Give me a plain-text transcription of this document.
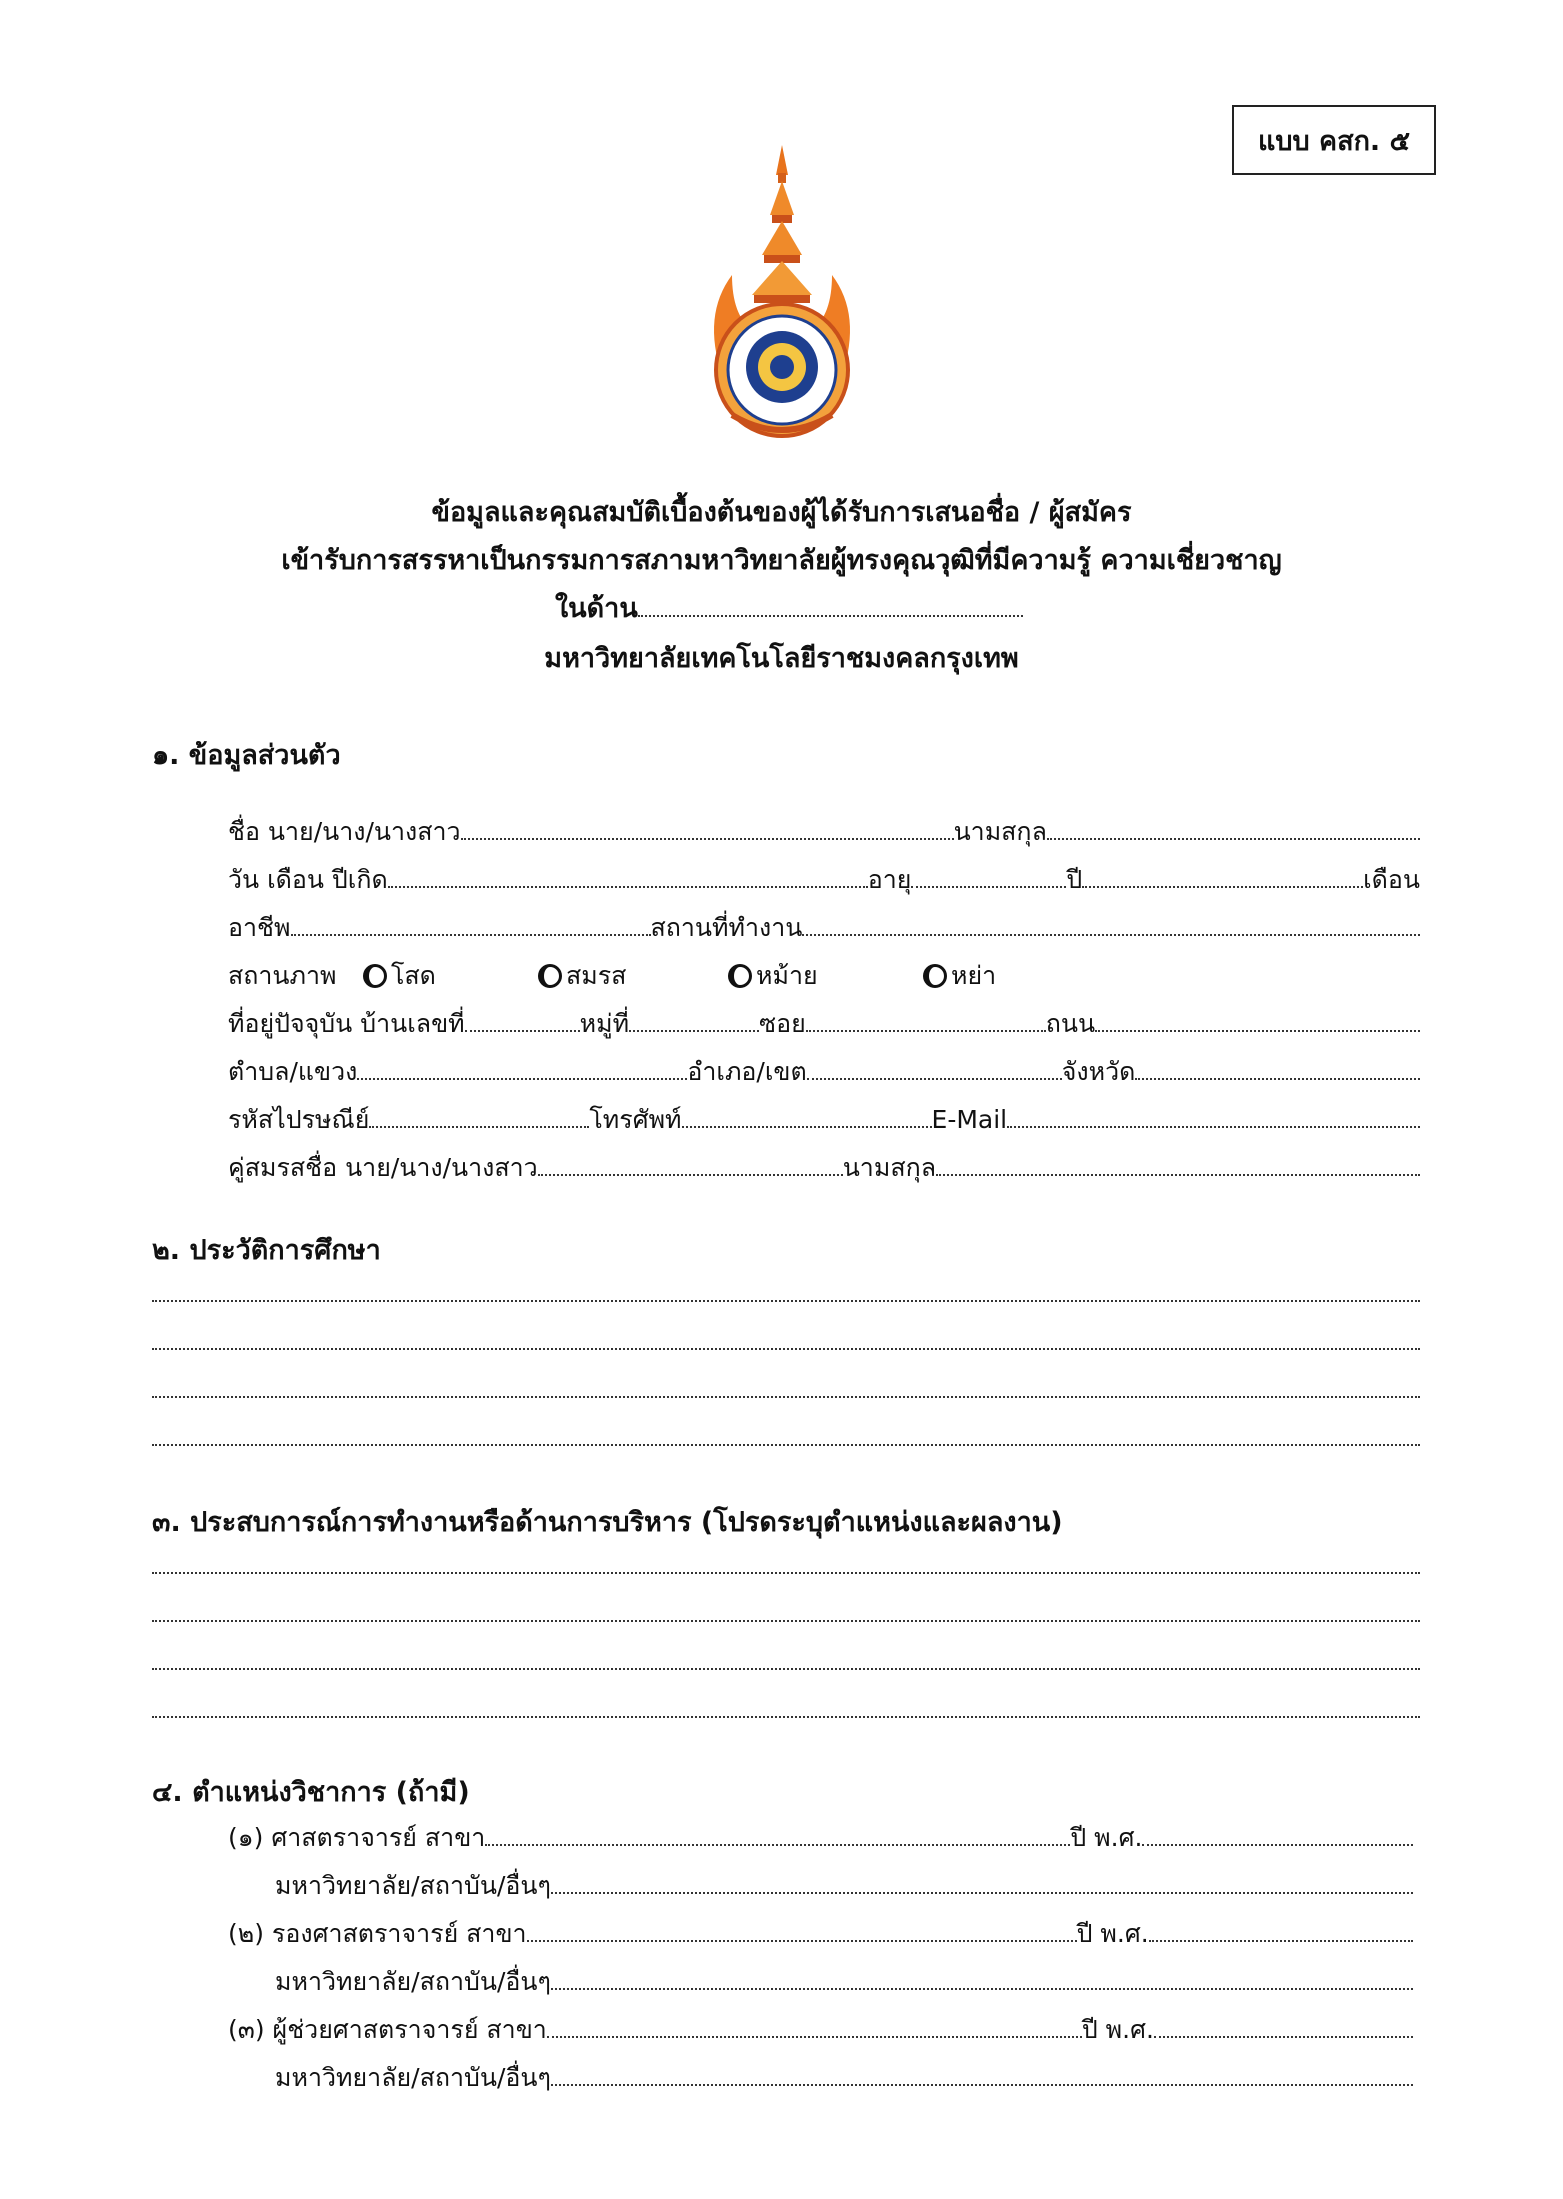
แบบ คสก. ๕
ข้อมูลและคุณสมบัติเบื้องต้นของผู้ได้รับการเสนอชื่อ / ผู้สมัคร
เข้ารับการสรรหาเป็นกรรมการสภามหาวิทยาลัยผู้ทรงคุณวุฒิที่มีความรู้ ความเชี่ยวชาญ
ในด้าน
มหาวิทยาลัยเทคโนโลยีราชมงคลกรุงเทพ
๑. ข้อมูลส่วนตัว
ชื่อ นาย/นาง/นางสาว	นามสกุล
วัน เดือน ปีเกิด	อายุ	ปี	เดือน
อาชีพ	สถานที่ทำงาน
สถานภาพ	โสด	สมรส	หม้าย	หย่า
ที่อยู่ปัจจุบัน บ้านเลขที่	หมู่ที่	ซอย	ถนน
ตำบล/แขวง	อำเภอ/เขต	จังหวัด
รหัสไปรษณีย์	โทรศัพท์	E-Mail
คู่สมรสชื่อ นาย/นาง/นางสาว	นามสกุล
๒. ประวัติการศึกษา
๓. ประสบการณ์การทำงานหรือด้านการบริหาร (โปรดระบุตำแหน่งและผลงาน)
๔. ตำแหน่งวิชาการ (ถ้ามี)
(๑) ศาสตราจารย์ สาขา	ปี พ.ศ.
มหาวิทยาลัย/สถาบัน/อื่นๆ
(๒) รองศาสตราจารย์ สาขา	ปี พ.ศ.
มหาวิทยาลัย/สถาบัน/อื่นๆ
(๓) ผู้ช่วยศาสตราจารย์ สาขา	ปี พ.ศ.
มหาวิทยาลัย/สถาบัน/อื่นๆ
